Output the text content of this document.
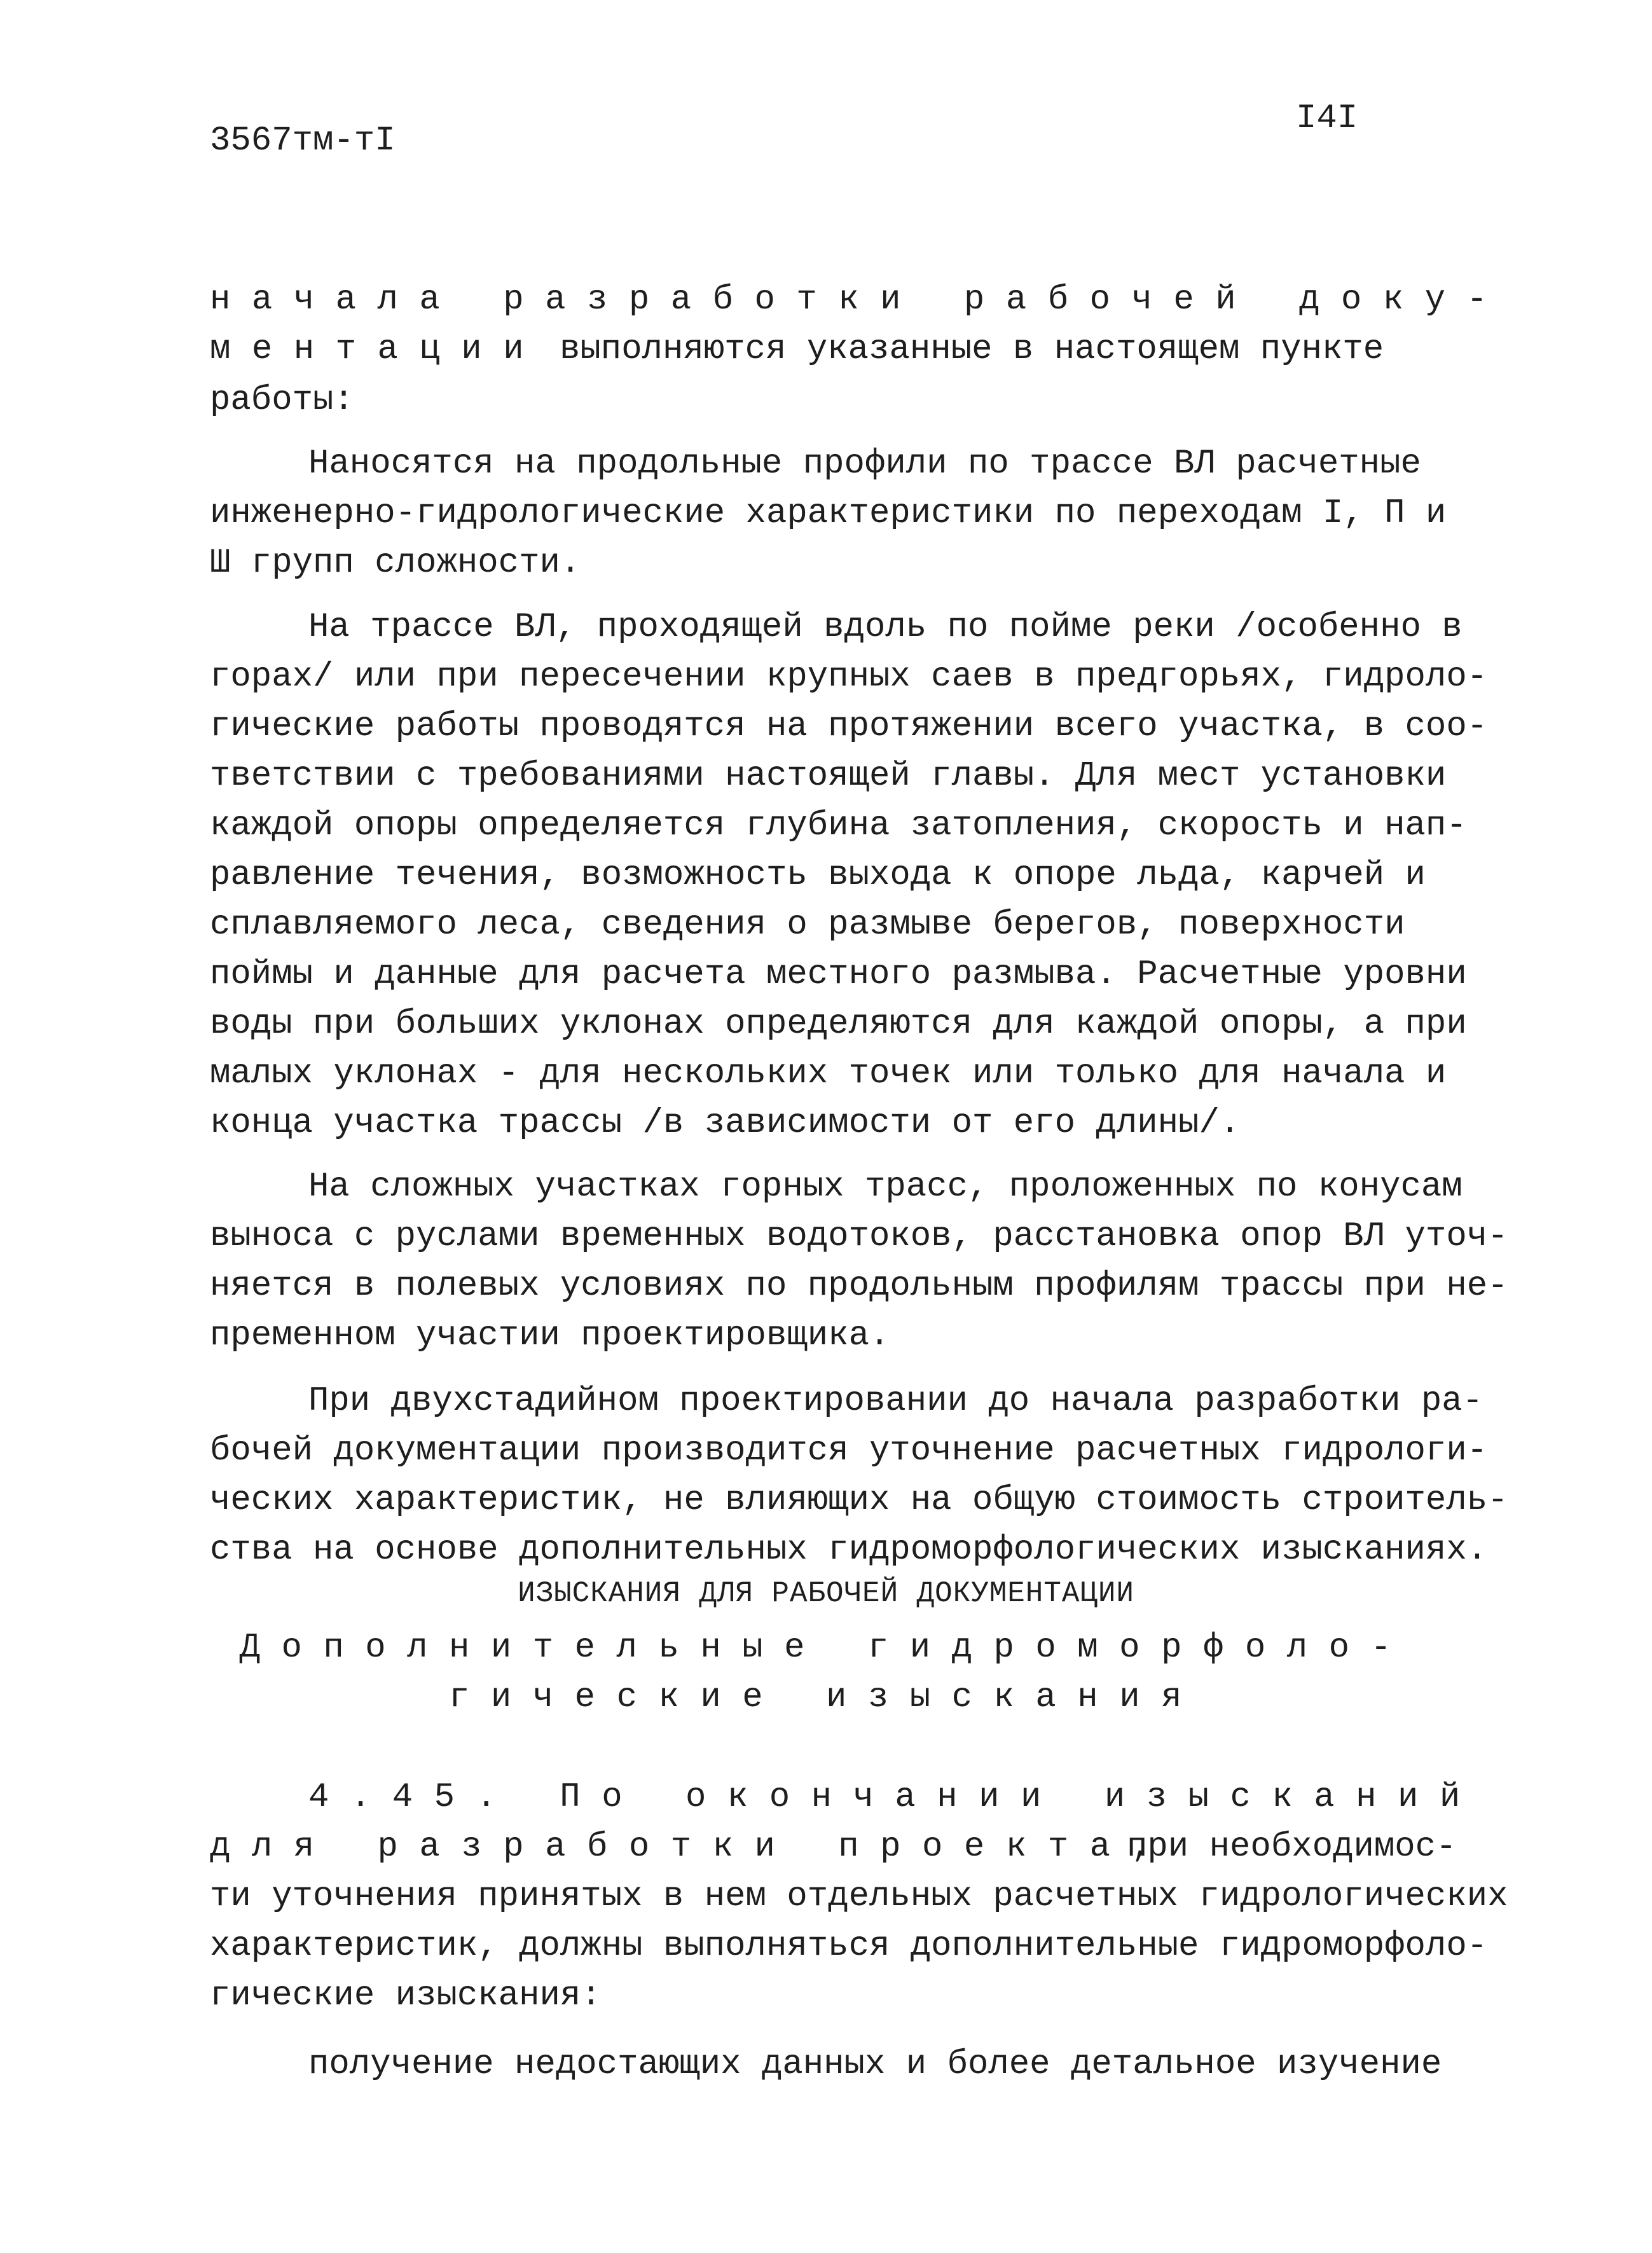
3567тм-тI
I4I
начала разработки рабочей доку-
ментации выполняются указанные в настоящем пункте
работы:
Наносятся на продольные профили по трассе ВЛ расчетные
инженерно-гидрологические характеристики по переходам I, П и
Ш групп сложности.
На трассе ВЛ, проходящей вдоль по пойме реки /особенно в
горах/ или при пересечении крупных саев в предгорьях, гидроло-
гические работы проводятся на протяжении всего участка, в соо-
тветствии с требованиями настоящей главы. Для мест установки
каждой опоры определяется глубина затопления, скорость и нап-
равление течения, возможность выхода к опоре льда, карчей и
сплавляемого леса, сведения о размыве берегов, поверхности
поймы и данные для расчета местного размыва. Расчетные уровни
воды при больших уклонах определяются для каждой опоры, а при
малых уклонах - для нескольких точек или только для начала и
конца участка трассы /в зависимости от его длины/.
На сложных участках горных трасс, проложенных по конусам
выноса с руслами временных водотоков, расстановка опор ВЛ уточ-
няется в полевых условиях по продольным профилям трассы при не-
пременном участии проектировщика.
При двухстадийном проектировании до начала разработки ра-
бочей документации производится уточнение расчетных гидрологи-
ческих характеристик, не влияющих на общую стоимость строитель-
ства на основе дополнительных гидроморфологических изысканиях.
ИЗЫСКАНИЯ ДЛЯ РАБОЧЕЙ ДОКУМЕНТАЦИИ
Дополнительные гидроморфоло-
гические изыскания
4.45. По окончании изысканий
для разработки проекта,
при необходимос-
ти уточнения принятых в нем отдельных расчетных гидрологических
характеристик, должны выполняться дополнительные гидроморфоло-
гические изыскания:
получение недостающих данных и более детальное изучение
